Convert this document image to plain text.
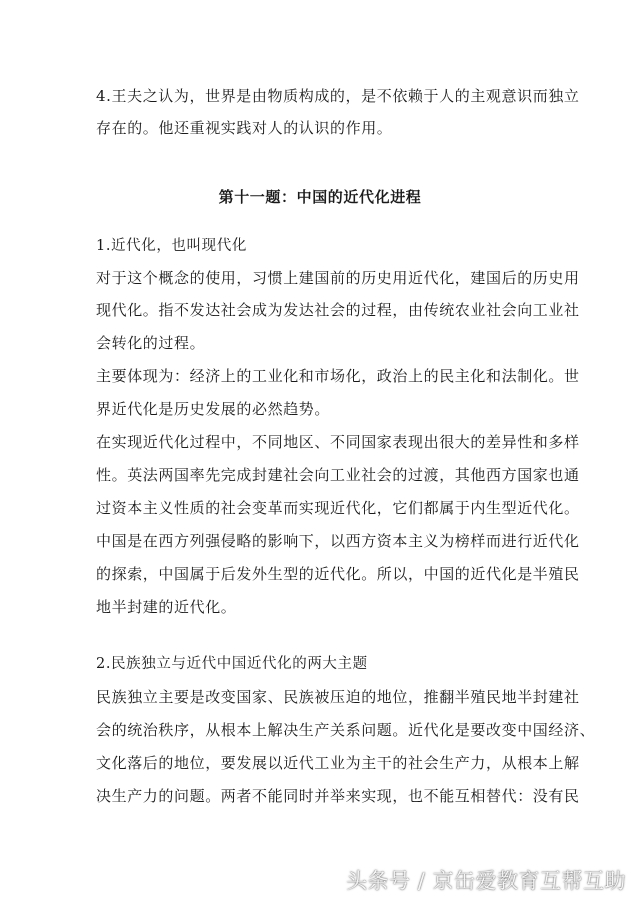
4.王夫之认为，世界是由物质构成的，是不依赖于人的主观意识而独立
存在的。他还重视实践对人的认识的作用。
第十一题：中国的近代化进程
1.近代化，也叫现代化
对于这个概念的使用，习惯上建国前的历史用近代化，建国后的历史用
现代化。指不发达社会成为发达社会的过程，由传统农业社会向工业社
会转化的过程。
主要体现为：经济上的工业化和市场化，政治上的民主化和法制化。世
界近代化是历史发展的必然趋势。
在实现近代化过程中，不同地区、不同国家表现出很大的差异性和多样
性。英法两国率先完成封建社会向工业社会的过渡，其他西方国家也通
过资本主义性质的社会变革而实现近代化，它们都属于内生型近代化。
中国是在西方列强侵略的影响下，以西方资本主义为榜样而进行近代化
的探索，中国属于后发外生型的近代化。所以，中国的近代化是半殖民
地半封建的近代化。
2.民族独立与近代中国近代化的两大主题
民族独立主要是改变国家、民族被压迫的地位，推翻半殖民地半封建社
会的统治秩序，从根本上解决生产关系问题。近代化是要改变中国经济、
文化落后的地位，要发展以近代工业为主干的社会生产力，从根本上解
决生产力的问题。两者不能同时并举来实现，也不能互相替代：没有民
头条号 / 京缶爱教育互帮互助
